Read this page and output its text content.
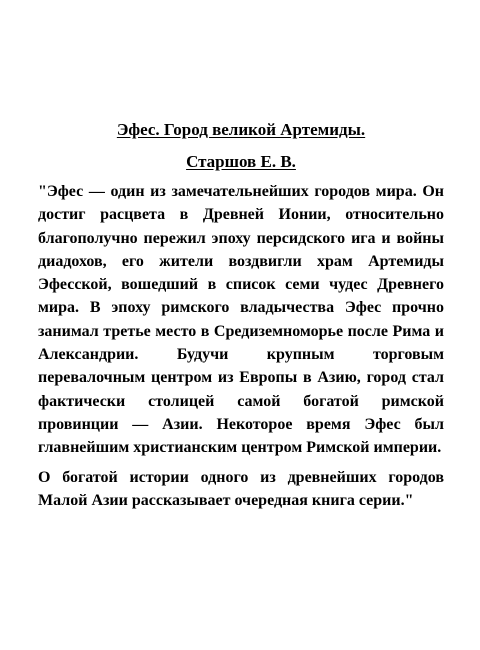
Эфес. Город великой Артемиды.
Старшов Е. В.

"Эфес — один из замечательнейших городов мира. Он достиг расцвета в Древней Ионии, относительно благополучно пережил эпоху персидского ига и войны диадохов, его жители воздвигли храм Артемиды Эфесской, вошедший в список семи чудес Древнего мира. В эпоху римского владычества Эфес прочно занимал третье место в Средиземноморье после Рима и Александрии. Будучи крупным торговым перевалочным центром из Европы в Азию, город стал фактически столицей самой богатой римской провинции — Азии. Некоторое время Эфес был главнейшим христианским центром Римской империи.

О богатой истории одного из древнейших городов Малой Азии рассказывает очередная книга серии."
